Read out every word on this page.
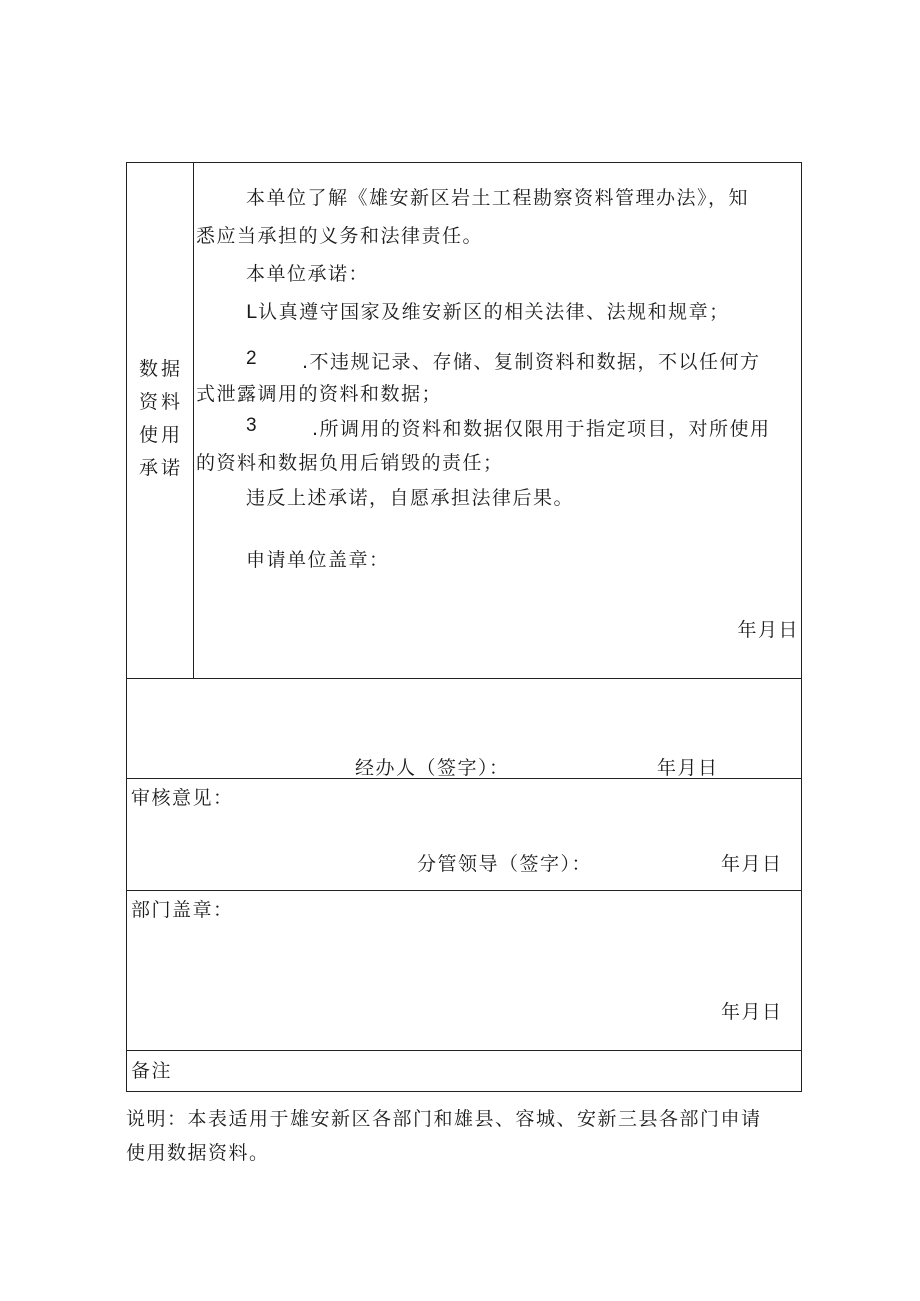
数据
资料
使用
承诺
本单位了解《雄安新区岩土工程勘察资料管理办法》，知
悉应当承担的义务和法律责任。
本单位承诺：
L认真遵守国家及维安新区的相关法律、法规和规章；
2 .不违规记录、存储、复制资料和数据，不以任何方
式泄露调用的资料和数据；
3	.所调用的资料和数据仅限用于指定项目，对所使用
的资料和数据负用后销毁的责任；
违反上述承诺，自愿承担法律后果。
申请单位盖章：
年月日
经办人（签字）：	年月日
审核意见：
分管领导（签字）：	年月日
部门盖章：
年月日
备注
说明：本表适用于雄安新区各部门和雄县、容城、安新三县各部门申请
使用数据资料。
